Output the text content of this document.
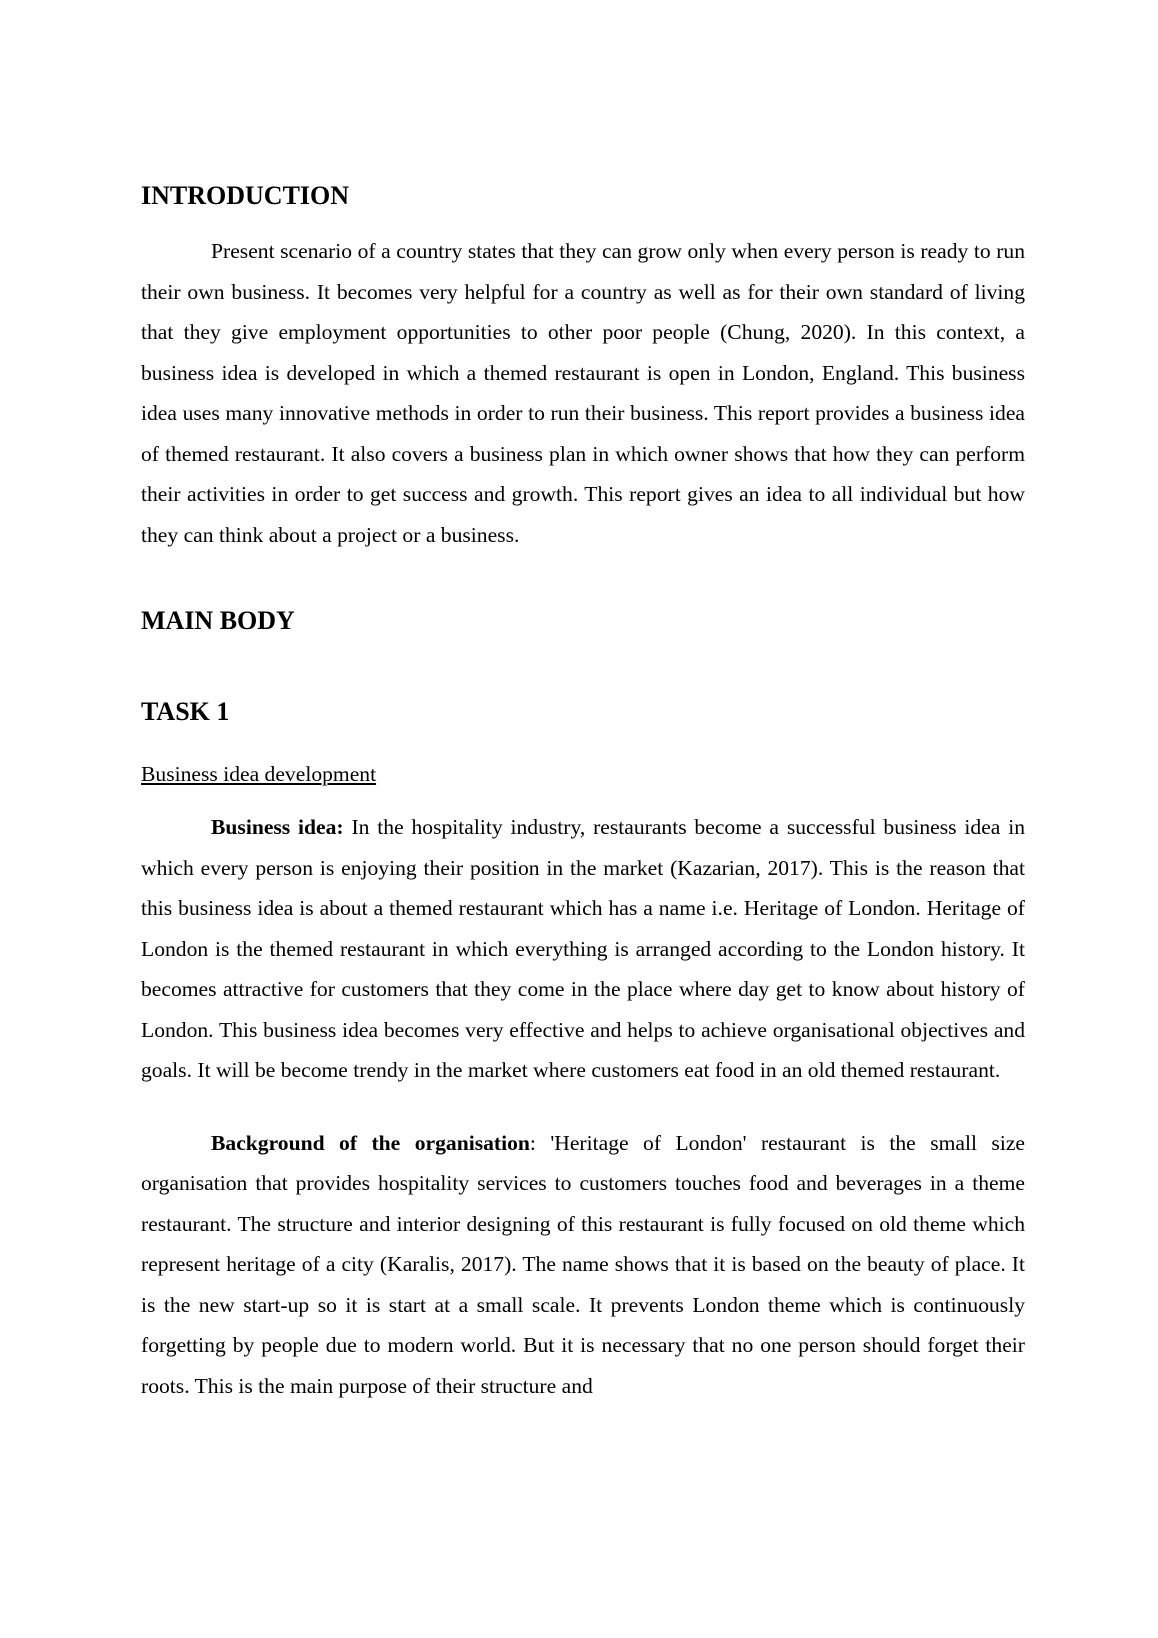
INTRODUCTION

Present scenario of a country states that they can grow only when every person is ready to run their own business. It becomes very helpful for a country as well as for their own standard of living that they give employment opportunities to other poor people (Chung, 2020). In this context, a business idea is developed in which a themed restaurant is open in London, England. This business idea uses many innovative methods in order to run their business. This report provides a business idea of themed restaurant. It also covers a business plan in which owner shows that how they can perform their activities in order to get success and growth. This report gives an idea to all individual but how they can think about a project or a business.

MAIN BODY
TASK 1
Business idea development

Business idea: In the hospitality industry, restaurants become a successful business idea in which every person is enjoying their position in the market (Kazarian, 2017). This is the reason that this business idea is about a themed restaurant which has a name i.e. Heritage of London. Heritage of London is the themed restaurant in which everything is arranged according to the London history. It becomes attractive for customers that they come in the place where day get to know about history of London. This business idea becomes very effective and helps to achieve organisational objectives and goals. It will be become trendy in the market where customers eat food in an old themed restaurant.

Background of the organisation: 'Heritage of London' restaurant is the small size organisation that provides hospitality services to customers touches food and beverages in a theme restaurant. The structure and interior designing of this restaurant is fully focused on old theme which represent heritage of a city (Karalis, 2017). The name shows that it is based on the beauty of place. It is the new start-up so it is start at a small scale. It prevents London theme which is continuously forgetting by people due to modern world. But it is necessary that no one person should forget their roots. This is the main purpose of their structure and
